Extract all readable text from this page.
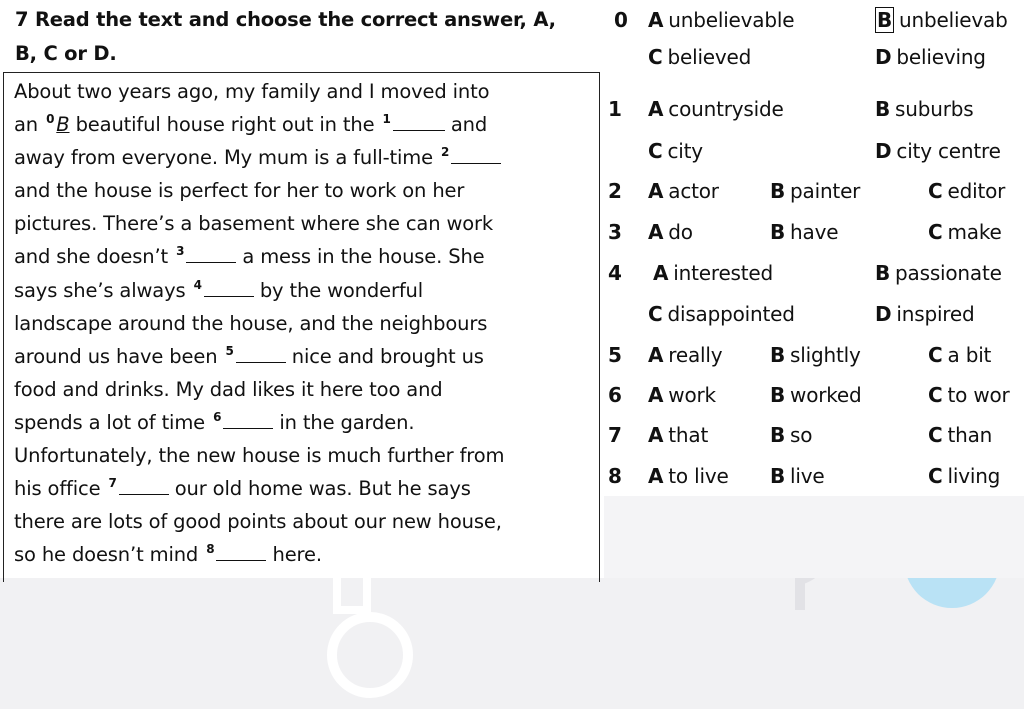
7 Read the text and choose the correct answer, A,
B, C or D.
About two years ago, my family and I moved into
an $^0$ B beautiful house right out in the $^1$	and
away from everyone. My mum is a full-time $^2$
and the house is perfect for her to work on her
pictures. There’s a basement where she can work
and she doesn’t $^3$	a mess in the house. She
says she’s always $^4$	by the wonderful
landscape around the house, and the neighbours
around us have been $^5$	nice and brought us
food and drinks. My dad likes it here too and
spends a lot of time $^6$	in the garden.
Unfortunately, the new house is much further from
his office $^7$	our old home was. But he says
there are lots of good points about our new house,
so he doesn’t mind $^8$	here.
0 A unbelievable	B unbelievab
C believed	D believing
1 A countryside	B suburbs
C city	D city centre
2 A actor	B painter	C editor
3 A do	B have	C make
4 A interested	B passionate
C disappointed	D inspired
5 A really B slightly	C a bit
6 A work	B worked	C to wor
7 A that	B so	C than
8 A to live B live	C living
